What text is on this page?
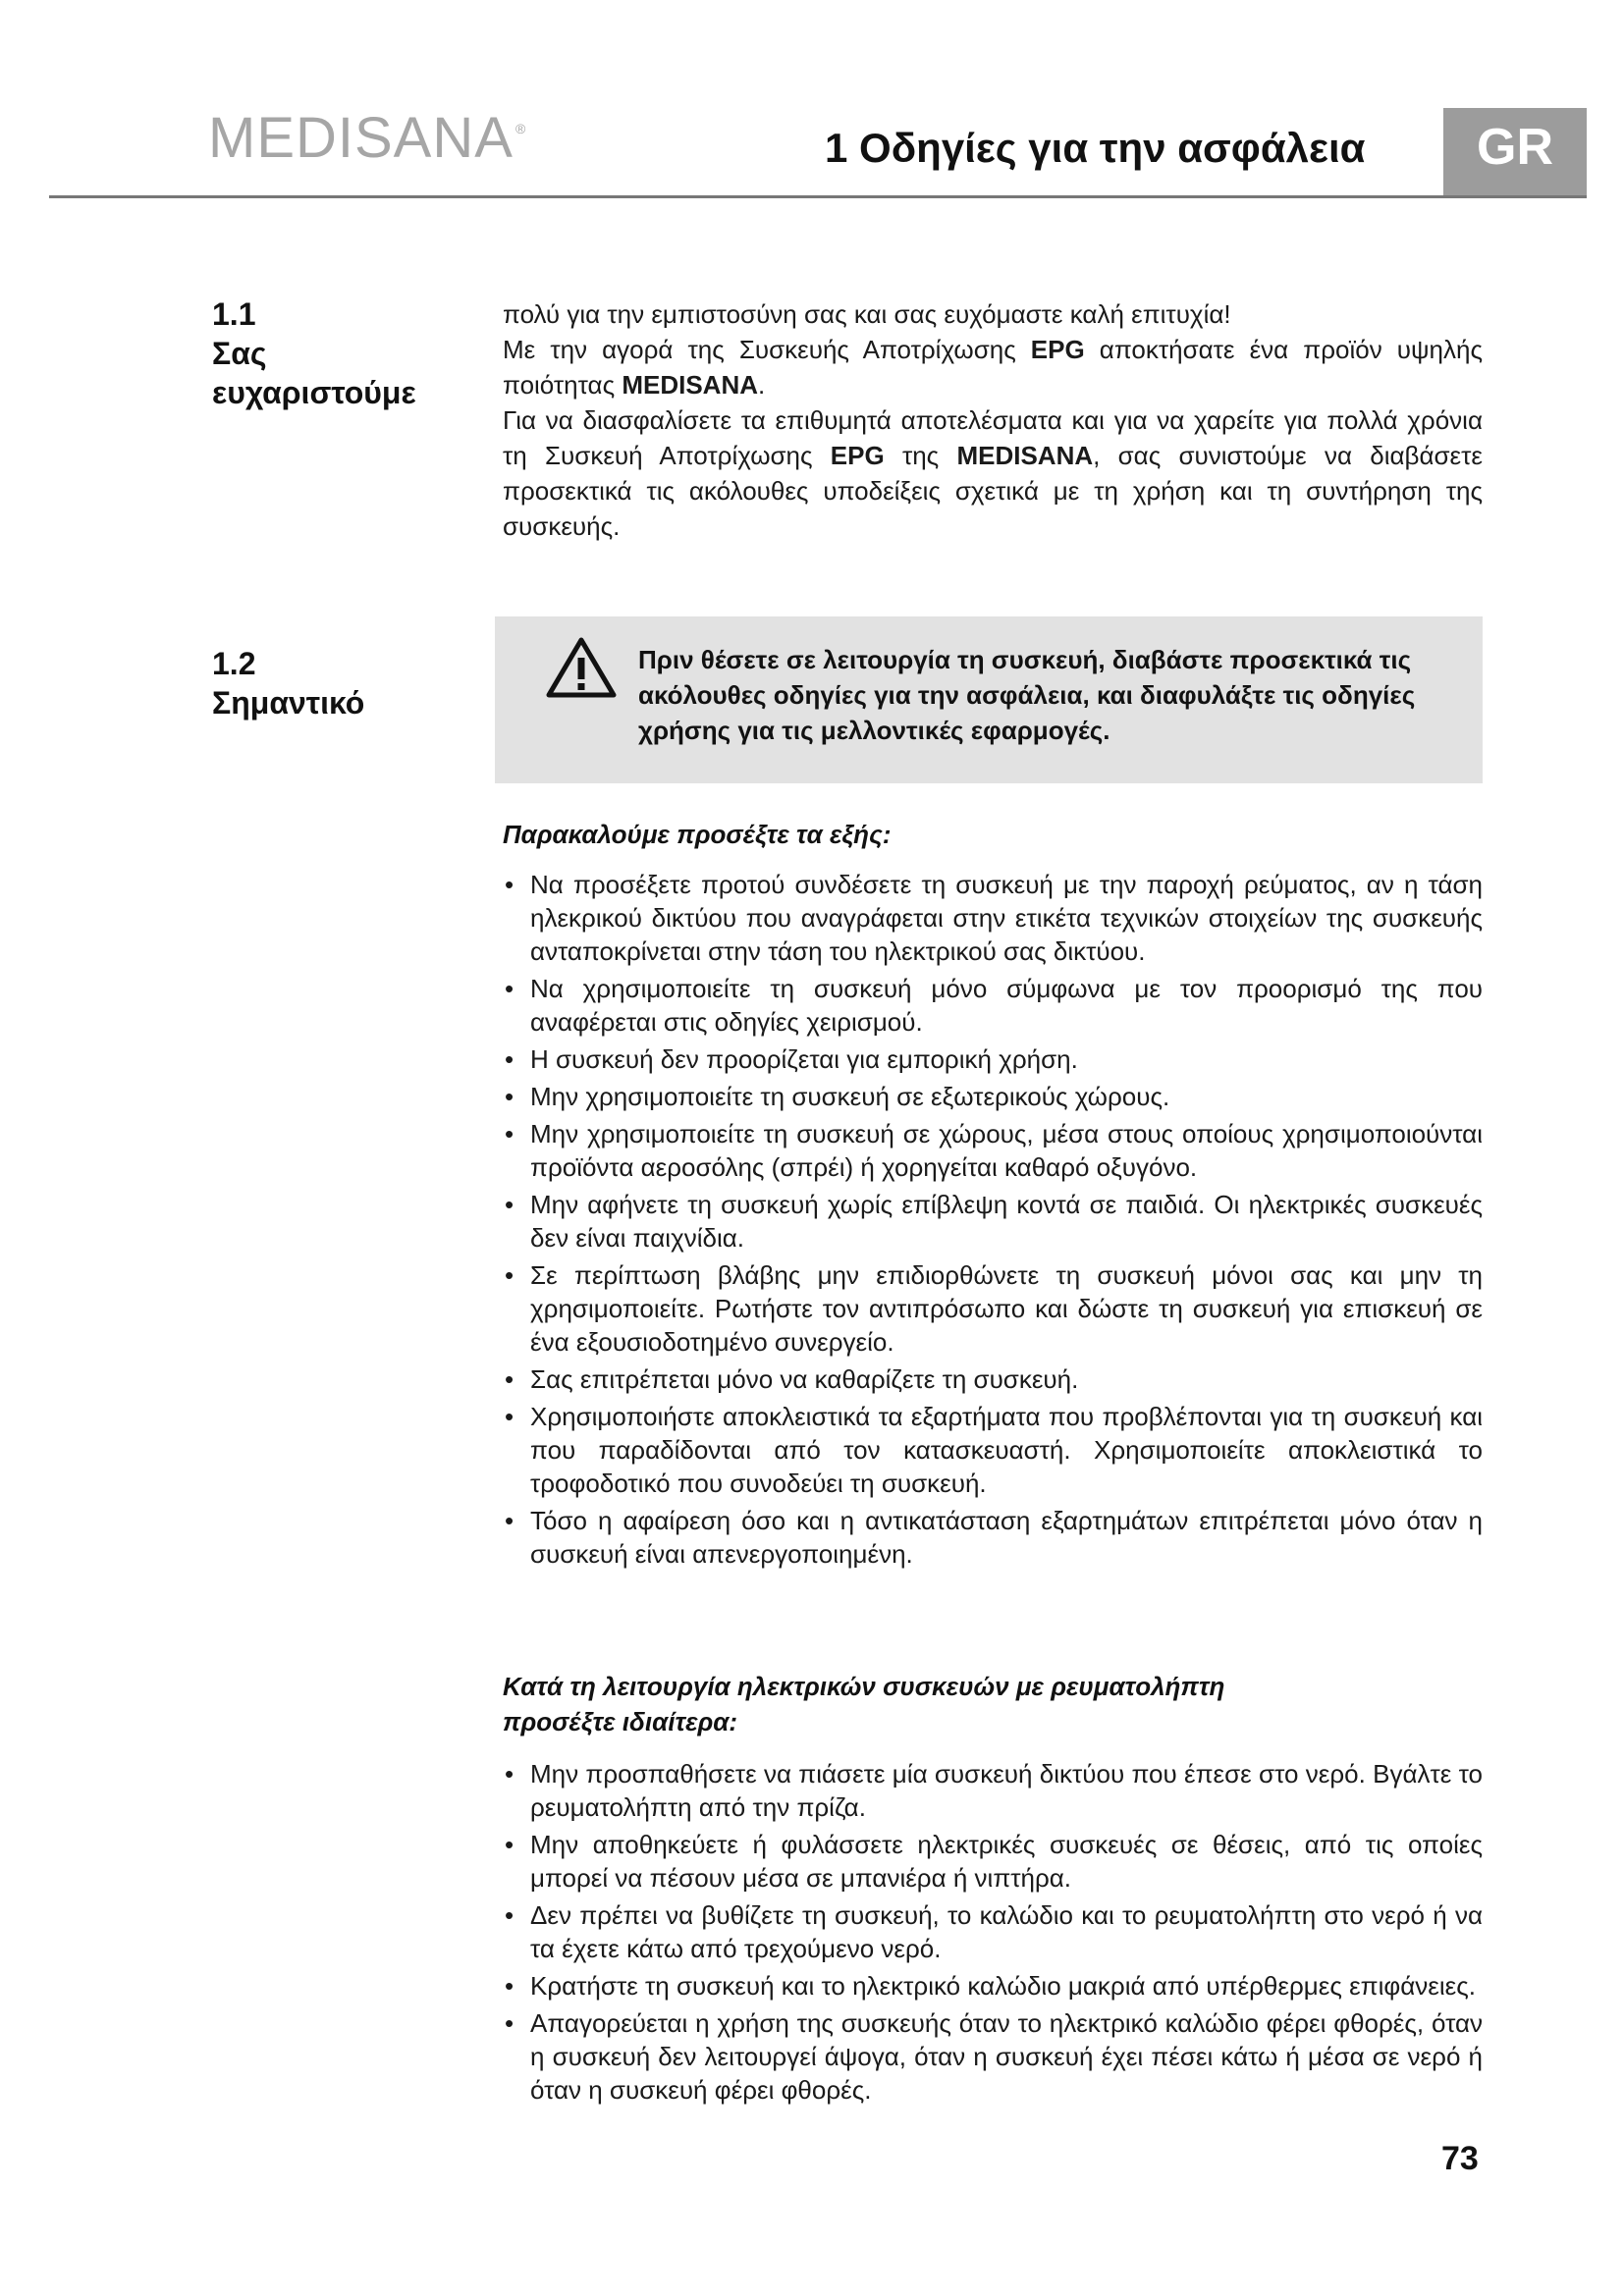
MEDISANA ®	1 Οδηγίες για την ασφάλεια	GR
1.1
Σας
ευχαριστούμε

πολύ για την εμπιστοσύνη σας και σας ευχόμαστε καλή επιτυχία!

Με την αγορά της Συσκευής Αποτρίχωσης EPG αποκτήσατε ένα προϊόν υψηλής ποιότητας MEDISANA.

Για να διασφαλίσετε τα επιθυμητά αποτελέσματα και για να χαρείτε για πολλά χρόνια τη Συσκευή Αποτρίχωσης EPG της MEDISANA, σας συνιστούμε να διαβάσετε προσεκτικά τις ακόλουθες υποδείξεις σχετικά με τη χρήση και τη συντήρηση της συσκευής.

1.2
Σημαντικό
Πριν θέσετε σε λειτουργία τη συσκευή, διαβάστε προσεκτικά τις ακόλουθες οδηγίες για την ασφάλεια, και διαφυλάξτε τις οδηγίες χρήσης για τις μελλοντικές εφαρμογές.
Παρακαλούμε προσέξτε τα εξής:
• Να προσέξετε προτού συνδέσετε τη συσκευή με την παροχή ρεύματος, αν η τάση ηλεκρικού δικτύου που αναγράφεται στην ετικέτα τεχνικών στοιχείων της συσκευής ανταποκρίνεται στην τάση του ηλεκτρικού σας δικτύου.
• Να χρησιμοποιείτε τη συσκευή μόνο σύμφωνα με τον προορισμό της που αναφέρεται στις οδηγίες χειρισμού.
• Η συσκευή δεν προορίζεται για εμπορική χρήση.
• Μην χρησιμοποιείτε τη συσκευή σε εξωτερικούς χώρους.
• Μην χρησιμοποιείτε τη συσκευή σε χώρους, μέσα στους οποίους χρησιμοποιούνται προϊόντα αεροσόλης (σπρέι) ή χορηγείται καθαρό οξυγόνο.
• Μην αφήνετε τη συσκευή χωρίς επίβλεψη κοντά σε παιδιά. Οι ηλεκτρικές συσκευές δεν είναι παιχνίδια.
• Σε περίπτωση βλάβης μην επιδιορθώνετε τη συσκευή μόνοι σας και μην τη χρησιμοποιείτε. Ρωτήστε τον αντιπρόσωπο και δώστε τη συσκευή για επισκευή σε ένα εξουσιοδοτημένο συνεργείο.
• Σας επιτρέπεται μόνο να καθαρίζετε τη συσκευή.
• Χρησιμοποιήστε αποκλειστικά τα εξαρτήματα που προβλέπονται για τη συσκευή και που παραδίδονται από τον κατασκευαστή. Χρησιμοποιείτε αποκλειστικά το τροφοδοτικό που συνοδεύει τη συσκευή.
• Τόσο η αφαίρεση όσο και η αντικατάσταση εξαρτημάτων επιτρέπεται μόνο όταν η συσκευή είναι απενεργοποιημένη.
Κατά τη λειτουργία ηλεκτρικών συσκευών με ρευματολήπτη
προσέξτε ιδιαίτερα:
• Μην προσπαθήσετε να πιάσετε μία συσκευή δικτύου που έπεσε στο νερό. Βγάλτε το ρευματολήπτη από την πρίζα.
• Μην αποθηκεύετε ή φυλάσσετε ηλεκτρικές συσκευές σε θέσεις, από τις οποίες μπορεί να πέσουν μέσα σε μπανιέρα ή νιπτήρα.
• Δεν πρέπει να βυθίζετε τη συσκευή, το καλώδιο και το ρευματολήπτη στο νερό ή να τα έχετε κάτω από τρεχούμενο νερό.
• Κρατήστε τη συσκευή και το ηλεκτρικό καλώδιο μακριά από υπέρθερμες επιφάνειες.
• Απαγορεύεται η χρήση της συσκευής όταν το ηλεκτρικό καλώδιο φέρει φθορές, όταν η συσκευή δεν λειτουργεί άψογα, όταν η συσκευή έχει πέσει κάτω ή μέσα σε νερό ή όταν η συσκευή φέρει φθορές.
73
